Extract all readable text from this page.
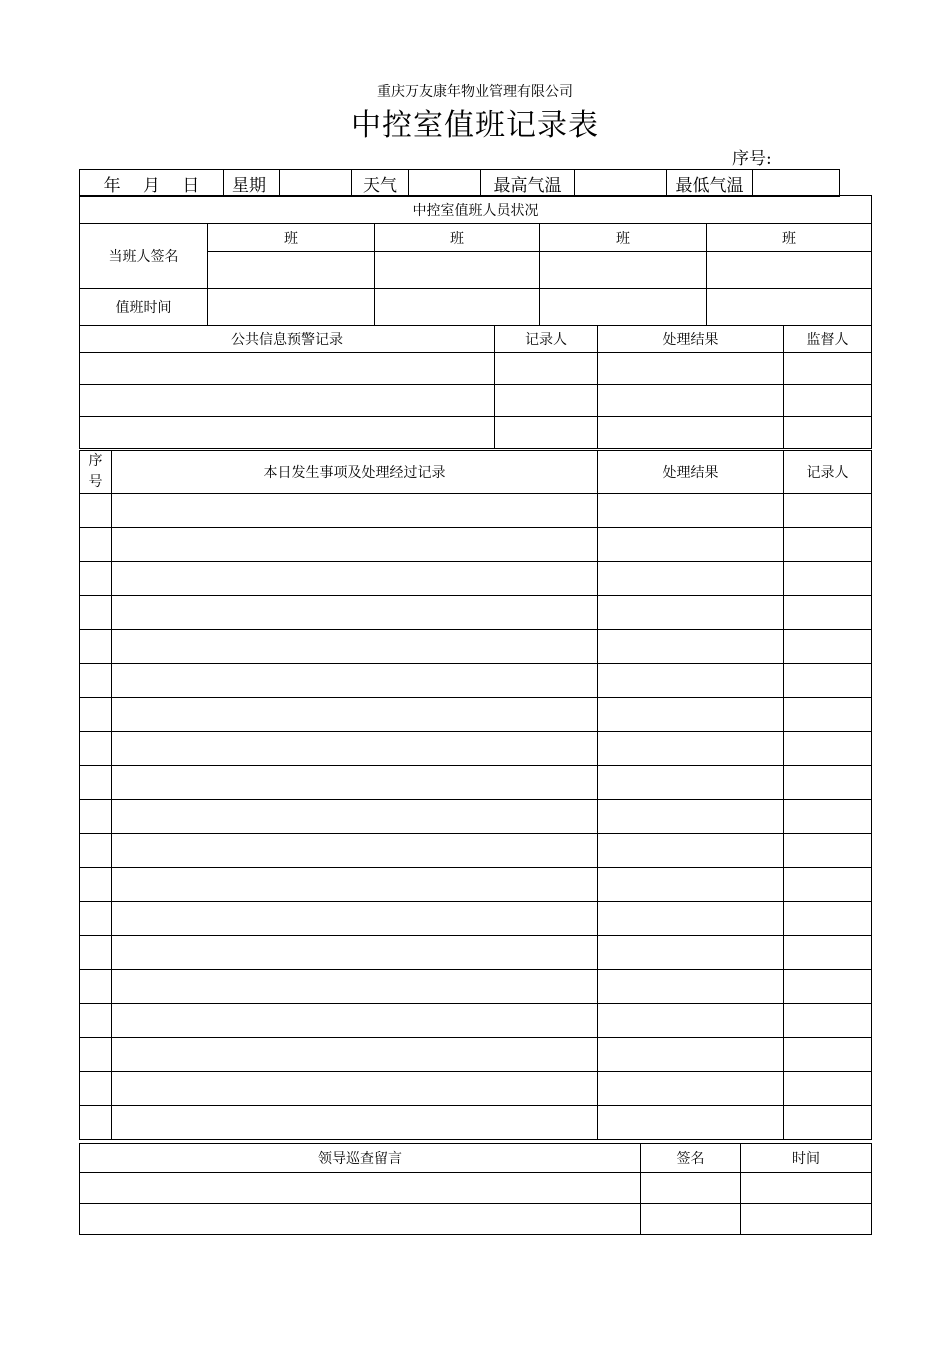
重庆万友康年物业管理有限公司
中控室值班记录表
序号:
年　 月　 日	星期		天气		最高气温		最低气温	
中控室值班人员状况				
当班人签名	班	班	班	班

值班时间				
公共信息预警记录	记录人	处理结果	监督人

序
号	本日发生事项及处理经过记录	处理结果	记录人

领导巡查留言	签名	时间
